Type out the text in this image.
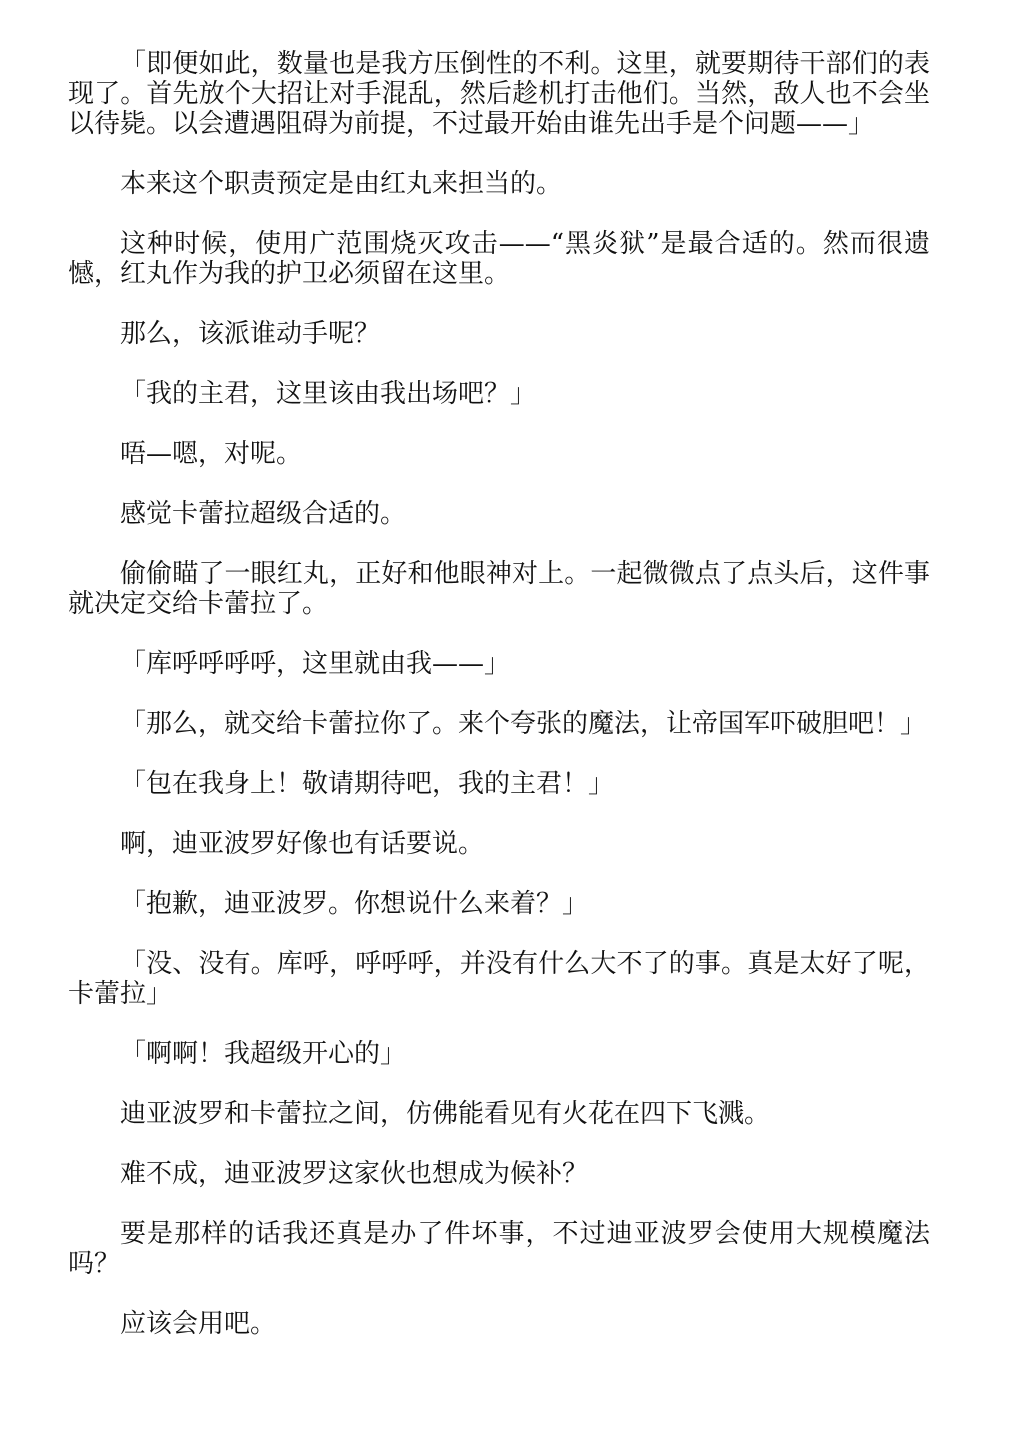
「即便如此，数量也是我方压倒性的不利。这里，就要期待干部们的表现了。首先放个大招让对手混乱，然后趁机打击他们。当然，敌人也不会坐以待毙。以会遭遇阻碍为前提，不过最开始由谁先出手是个问题——」

本来这个职责预定是由红丸来担当的。

这种时候，使用广范围烧灭攻击——“黑炎狱”是最合适的。然而很遗憾，红丸作为我的护卫必须留在这里。

那么，该派谁动手呢？

「我的主君，这里该由我出场吧？」

唔—嗯，对呢。

感觉卡蕾拉超级合适的。

偷偷瞄了一眼红丸，正好和他眼神对上。一起微微点了点头后，这件事就决定交给卡蕾拉了。

「库呼呼呼呼，这里就由我——」

「那么，就交给卡蕾拉你了。来个夸张的魔法，让帝国军吓破胆吧！」

「包在我身上！敬请期待吧，我的主君！」

啊，迪亚波罗好像也有话要说。

「抱歉，迪亚波罗。你想说什么来着？」

「没、没有。库呼，呼呼呼，并没有什么大不了的事。真是太好了呢，卡蕾拉」

「啊啊！我超级开心的」

迪亚波罗和卡蕾拉之间，仿佛能看见有火花在四下飞溅。

难不成，迪亚波罗这家伙也想成为候补？

要是那样的话我还真是办了件坏事，不过迪亚波罗会使用大规模魔法吗？

应该会用吧。
